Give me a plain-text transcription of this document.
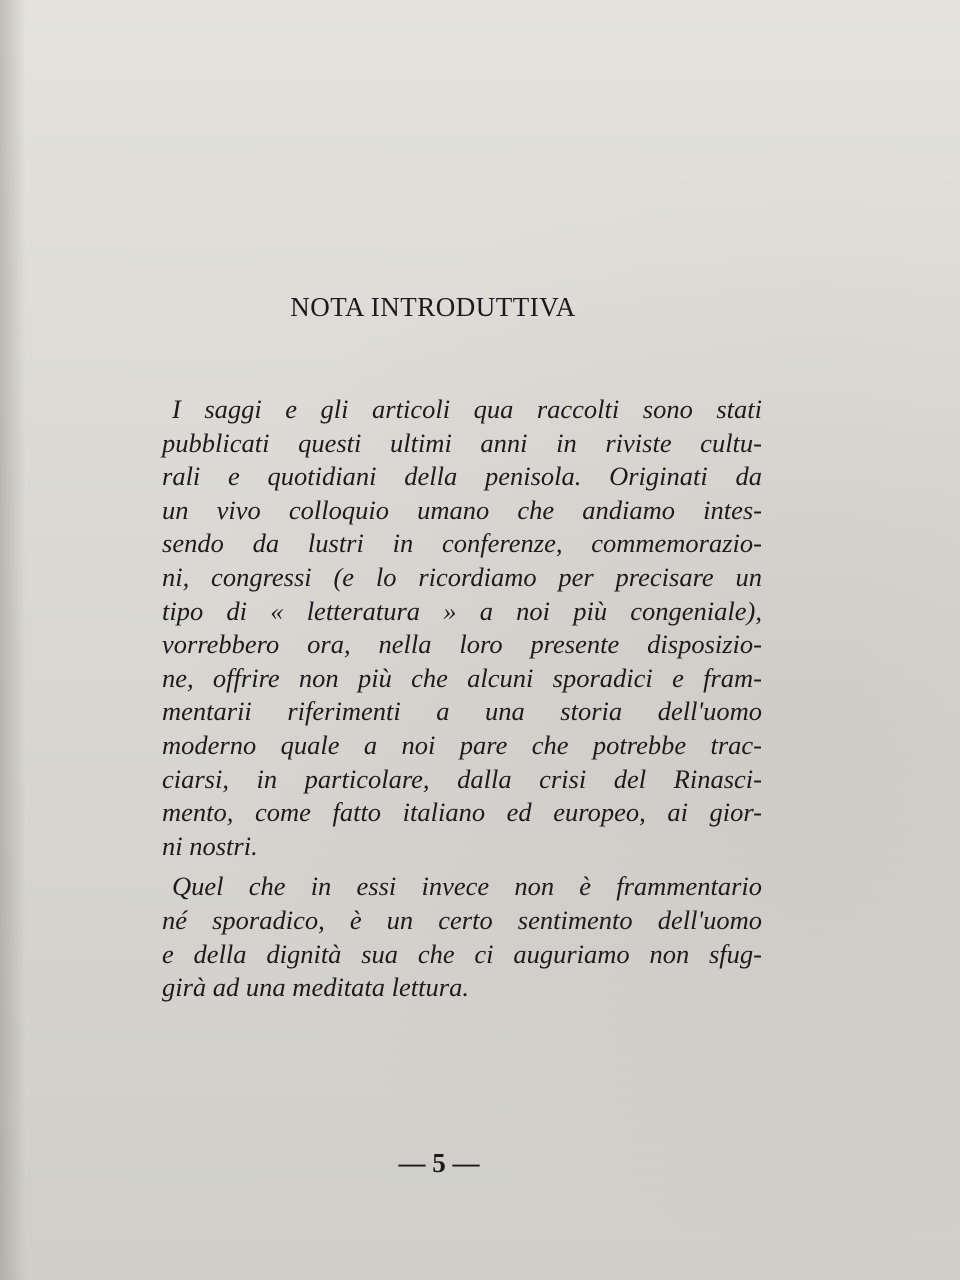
NOTA INTRODUTTIVA
I saggi e gli articoli qua raccolti sono stati
pubblicati questi ultimi anni in riviste cultu-
rali e quotidiani della penisola. Originati da
un vivo colloquio umano che andiamo intes-
sendo da lustri in conferenze, commemorazio-
ni, congressi (e lo ricordiamo per precisare un
tipo di « letteratura » a noi più congeniale),
vorrebbero ora, nella loro presente disposizio-
ne, offrire non più che alcuni sporadici e fram-
mentarii riferimenti a una storia dell'uomo
moderno quale a noi pare che potrebbe trac-
ciarsi, in particolare, dalla crisi del Rinasci-
mento, come fatto italiano ed europeo, ai gior-
ni nostri.
Quel che in essi invece non è frammentario
né sporadico, è un certo sentimento dell'uomo
e della dignità sua che ci auguriamo non sfug-
girà ad una meditata lettura.
— 5 —
